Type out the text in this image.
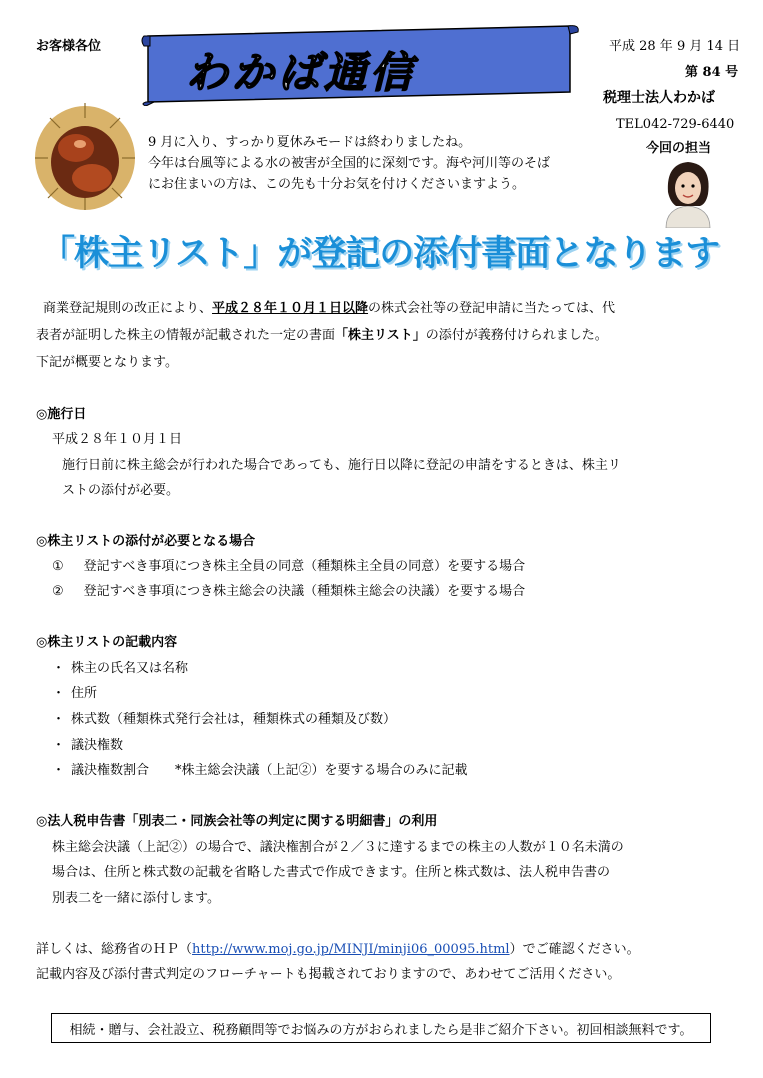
お客様各位
わかば通信
平成 28 年 9 月 14 日
第 84 号
税理士法人わかば
TEL042-729-6440
今回の担当
9 月に入り、すっかり夏休みモードは終わりましたね。
今年は台風等による水の被害が全国的に深刻です。海や河川等のそば
にお住まいの方は、この先も十分お気を付けくださいますよう。
「株主リスト」が登記の添付書面となります
商業登記規則の改正により、平成２８年１０月１日以降の株式会社等の登記申請に当たっては、代
表者が証明した株主の情報が記載された一定の書面「株主リスト」の添付が義務付けられました。
下記が概要となります。
◎施行日
平成２８年１０月１日
施行日前に株主総会が行われた場合であっても、施行日以降に登記の申請をするときは、株主リ
ストの添付が必要。
◎株主リストの添付が必要となる場合
① 登記すべき事項につき株主全員の同意（種類株主全員の同意）を要する場合
② 登記すべき事項につき株主総会の決議（種類株主総会の決議）を要する場合
◎株主リストの記載内容
・ 株主の氏名又は名称
・ 住所
・ 株式数（種類株式発行会社は，種類株式の種類及び数）
・ 議決権数
・ 議決権数割合　　*株主総会決議（上記②）を要する場合のみに記載
◎法人税申告書「別表二・同族会社等の判定に関する明細書」の利用
株主総会決議（上記②）の場合で、議決権割合が２／３に達するまでの株主の人数が１０名未満の
場合は、住所と株式数の記載を省略した書式で作成できます。住所と株式数は、法人税申告書の
別表二を一緒に添付します。
詳しくは、総務省のＨＰ（http://www.moj.go.jp/MINJI/minji06_00095.html）でご確認ください。
記載内容及び添付書式判定のフローチャートも掲載されておりますので、あわせてご活用ください。
相続・贈与、会社設立、税務顧問等でお悩みの方がおられましたら是非ご紹介下さい。初回相談無料です。
